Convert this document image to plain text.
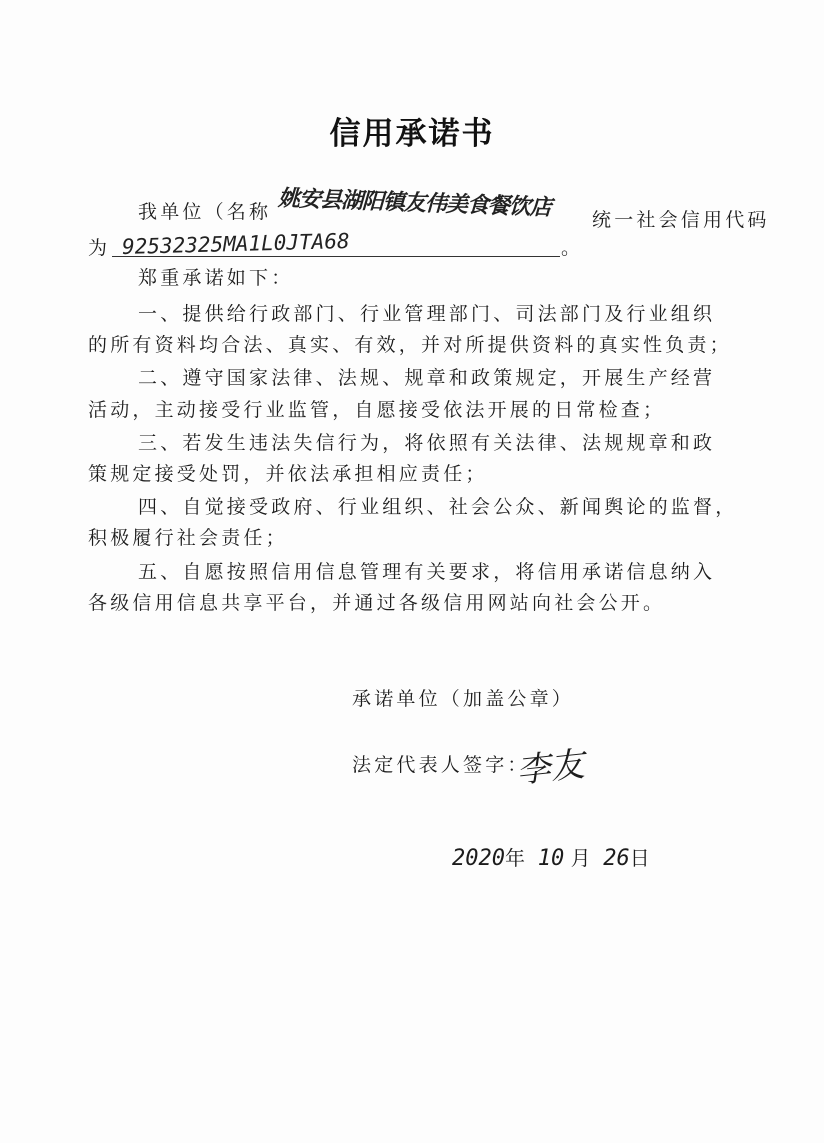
信用承诺书
我单位（名称 姚安县湖阳镇友伟美食餐饮店 统一社会信用代码
为 92532325MA1L0JTA68	。
郑重承诺如下：
一、提供给行政部门、行业管理部门、司法部门及行业组织
的所有资料均合法、真实、有效，并对所提供资料的真实性负责；
二、遵守国家法律、法规、规章和政策规定，开展生产经营
活动，主动接受行业监管，自愿接受依法开展的日常检查；
三、若发生违法失信行为，将依照有关法律、法规规章和政
策规定接受处罚，并依法承担相应责任；
四、自觉接受政府、行业组织、社会公众、新闻舆论的监督，
积极履行社会责任；
五、自愿按照信用信息管理有关要求，将信用承诺信息纳入
各级信用信息共享平台，并通过各级信用网站向社会公开。
承诺单位（加盖公章）
法定代表人签字：
李友
2020年 10 月 26日
